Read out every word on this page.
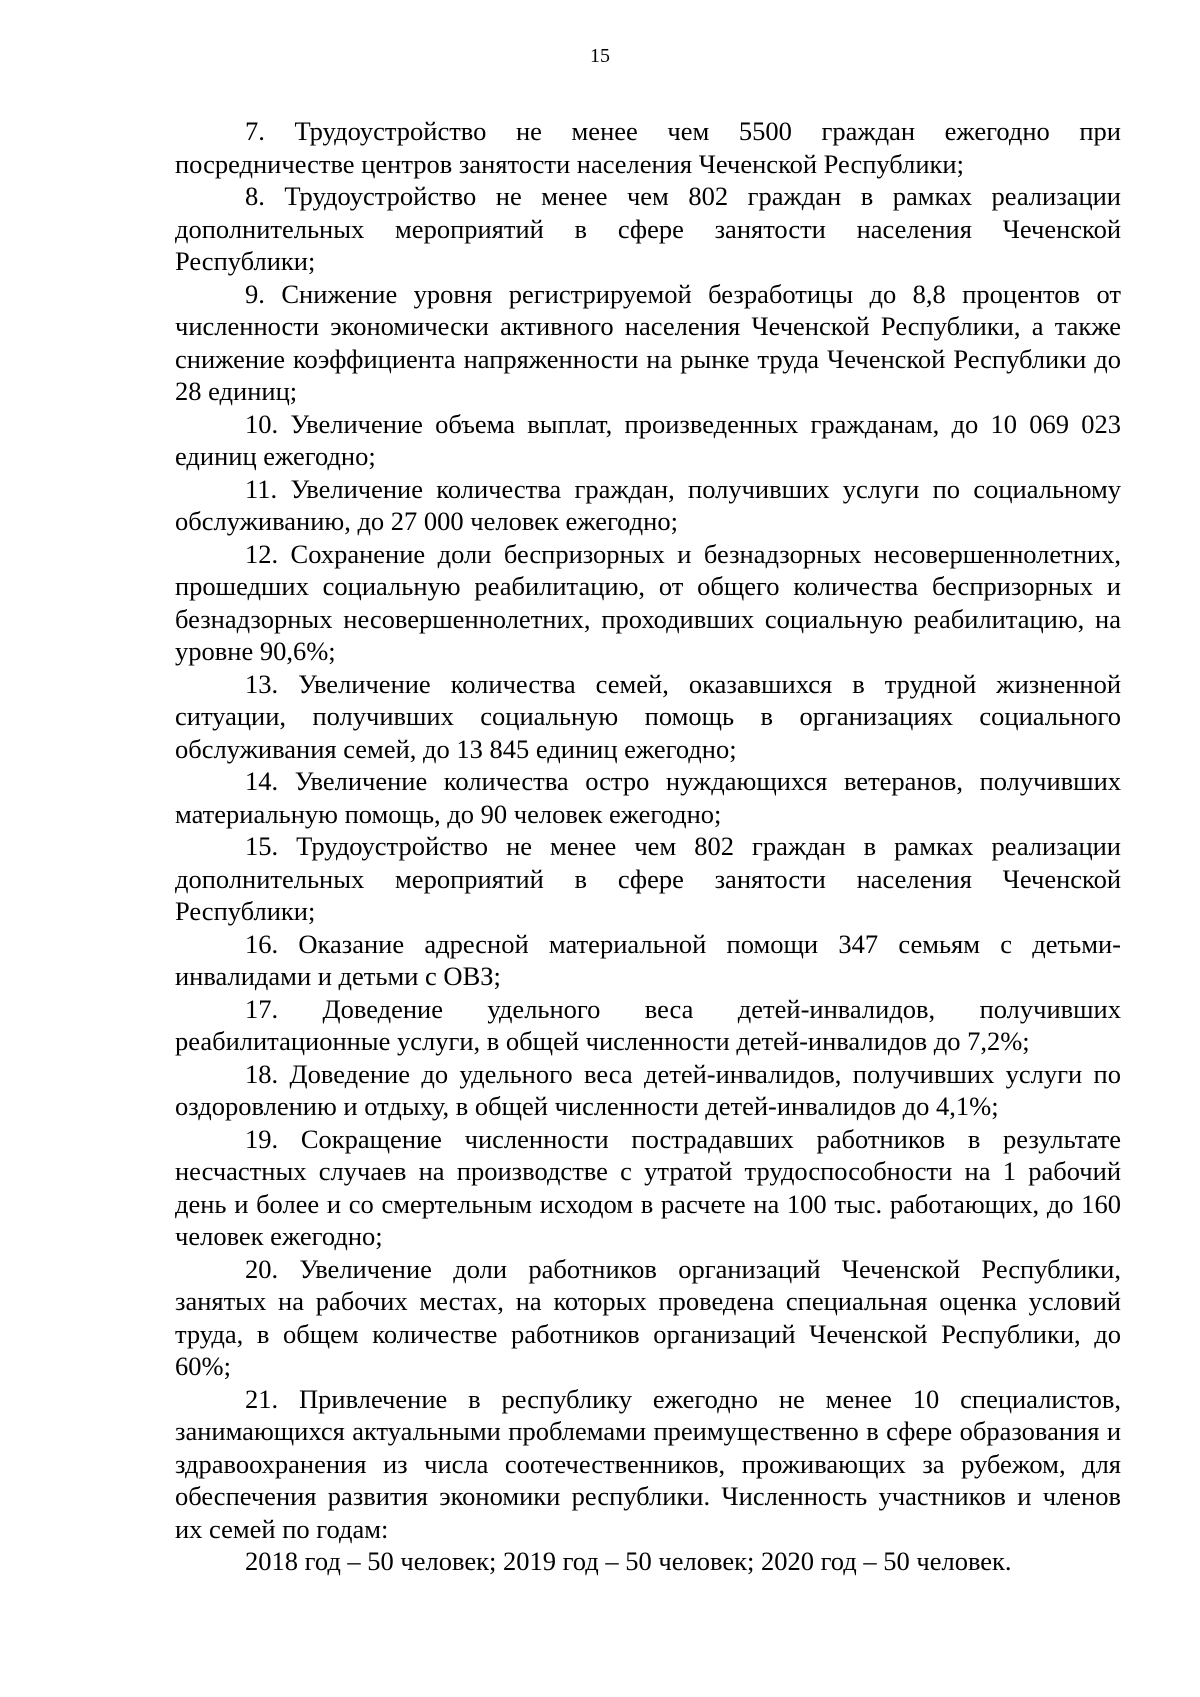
15

7. Трудоустройство не менее чем 5500 граждан ежегодно при посредничестве центров занятости населения Чеченской Республики;

8. Трудоустройство не менее чем 802 граждан в рамках реализации дополнительных мероприятий в сфере занятости населения Чеченской Республики;

9. Снижение уровня регистрируемой безработицы до 8,8 процентов от численности экономически активного населения Чеченской Республики, а также снижение коэффициента напряженности на рынке труда Чеченской Республики до 28 единиц;

10. Увеличение объема выплат, произведенных гражданам, до 10 069 023 единиц ежегодно;

11. Увеличение количества граждан, получивших услуги по социальному обслуживанию, до 27 000 человек ежегодно;

12. Сохранение доли беспризорных и безнадзорных несовершеннолетних, прошедших социальную реабилитацию, от общего количества беспризорных и безнадзорных несовершеннолетних, проходивших социальную реабилитацию, на уровне 90,6%;

13. Увеличение количества семей, оказавшихся в трудной жизненной ситуации, получивших социальную помощь в организациях социального обслуживания семей, до 13 845 единиц ежегодно;

14. Увеличение количества остро нуждающихся ветеранов, получивших материальную помощь, до 90 человек ежегодно;

15. Трудоустройство не менее чем 802 граждан в рамках реализации дополнительных мероприятий в сфере занятости населения Чеченской Республики;

16. Оказание адресной материальной помощи 347 семьям с детьми-инвалидами и детьми с ОВЗ;

17. Доведение удельного веса детей-инвалидов, получивших реабилитационные услуги, в общей численности детей-инвалидов до 7,2%;

18. Доведение до удельного веса детей-инвалидов, получивших услуги по оздоровлению и отдыху, в общей численности детей-инвалидов до 4,1%;

19. Сокращение численности пострадавших работников в результате несчастных случаев на производстве с утратой трудоспособности на 1 рабочий день и более и со смертельным исходом в расчете на 100 тыс. работающих, до 160 человек ежегодно;

20. Увеличение доли работников организаций Чеченской Республики, занятых на рабочих местах, на которых проведена специальная оценка условий труда, в общем количестве работников организаций Чеченской Республики, до 60%;

21. Привлечение в республику ежегодно не менее 10 специалистов, занимающихся актуальными проблемами преимущественно в сфере образования и здравоохранения из числа соотечественников, проживающих за рубежом, для обеспечения развития экономики республики. Численность участников и членов их семей по годам:

2018 год – 50 человек; 2019 год – 50 человек; 2020 год – 50 человек.
